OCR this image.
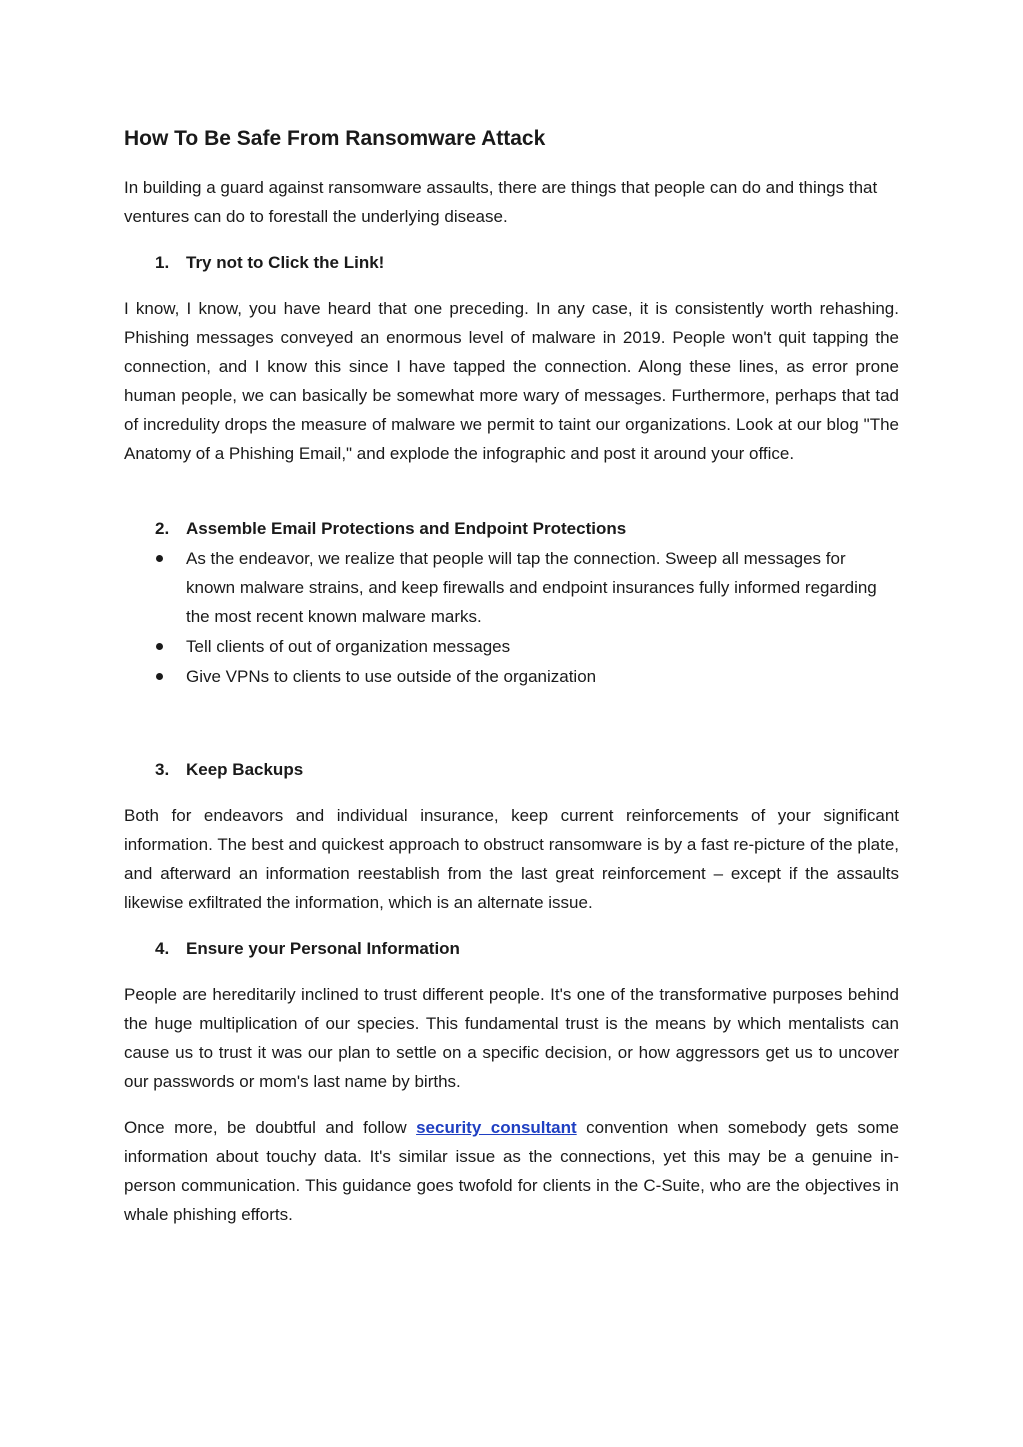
How To Be Safe From Ransomware Attack

In building a guard against ransomware assaults, there are things that people can do and things that ventures can do to forestall the underlying disease.

1. Try not to Click the Link!

I know, I know, you have heard that one preceding. In any case, it is consistently worth rehashing. Phishing messages conveyed an enormous level of malware in 2019. People won't quit tapping the connection, and I know this since I have tapped the connection. Along these lines, as error prone human people, we can basically be somewhat more wary of messages. Furthermore, perhaps that tad of incredulity drops the measure of malware we permit to taint our organizations. Look at our blog "The Anatomy of a Phishing Email," and explode the infographic and post it around your office.

2. Assemble Email Protections and Endpoint Protections
As the endeavor, we realize that people will tap the connection. Sweep all messages for known malware strains, and keep firewalls and endpoint insurances fully informed regarding the most recent known malware marks.
Tell clients of out of organization messages
Give VPNs to clients to use outside of the organization
3. Keep Backups

Both for endeavors and individual insurance, keep current reinforcements of your significant information. The best and quickest approach to obstruct ransomware is by a fast re-picture of the plate, and afterward an information reestablish from the last great reinforcement – except if the assaults likewise exfiltrated the information, which is an alternate issue.

4. Ensure your Personal Information

People are hereditarily inclined to trust different people. It's one of the transformative purposes behind the huge multiplication of our species. This fundamental trust is the means by which mentalists can cause us to trust it was our plan to settle on a specific decision, or how aggressors get us to uncover our passwords or mom's last name by births.

Once more, be doubtful and follow security consultant convention when somebody gets some information about touchy data. It's similar issue as the connections, yet this may be a genuine in-person communication. This guidance goes twofold for clients in the C-Suite, who are the objectives in whale phishing efforts.
